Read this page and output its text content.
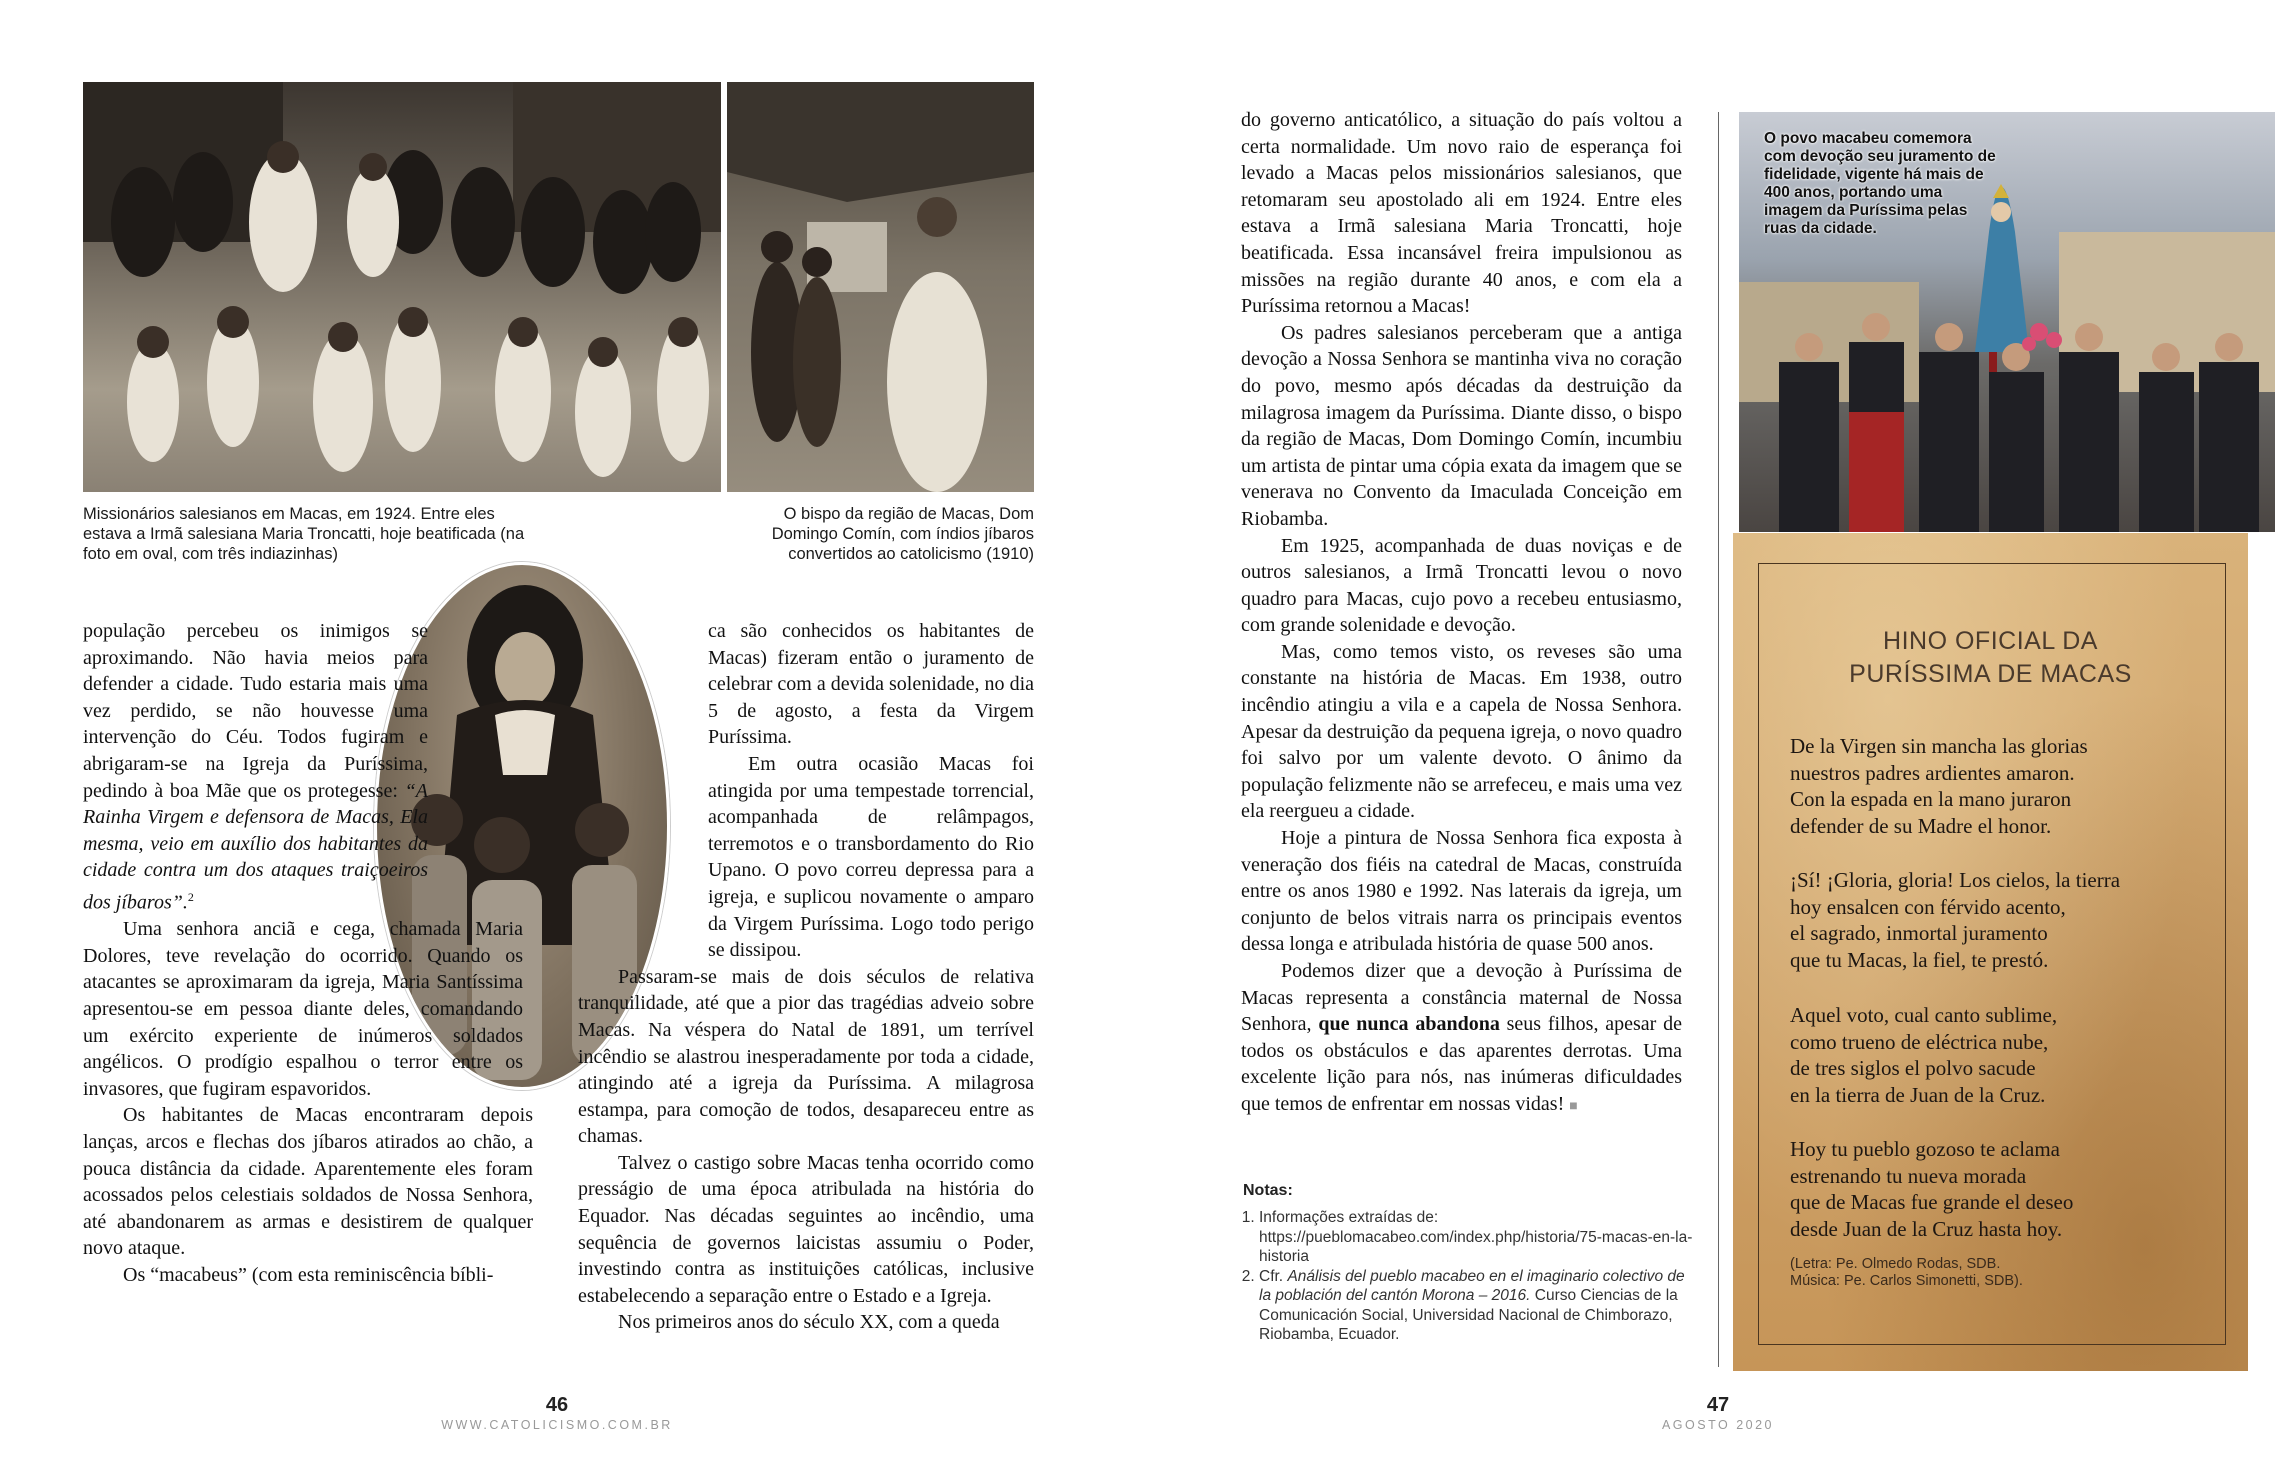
Missionários salesianos em Macas, em 1924. Entre eles estava a Irmã salesiana Maria Troncatti, hoje beatificada (na foto em oval, com três indiazinhas)
O bispo da região de Macas, Dom Domingo Comín, com índios jíbaros convertidos ao catolicismo (1910)

população percebeu os inimigos se aproximando. Não havia meios para defender a cidade. Tudo estaria mais uma vez perdido, se não houvesse uma intervenção do Céu. Todos fugiram e abrigaram-se na Igreja da Puríssima, pedindo à boa Mãe que os protegesse: “A Rainha Virgem e defensora de Macas, Ela mesma, veio em auxílio dos habitantes da cidade contra um dos ataques traiçoeiros dos jíbaros”.$^2$

Uma senhora anciã e cega, chamada Maria Dolores, teve revelação do ocorrido. Quando os atacantes se aproximaram da igreja, Maria Santíssima apresentou-se em pessoa diante deles, comandando um exército experiente de inúmeros soldados angélicos. O prodígio espalhou o terror entre os invasores, que fugiram espavoridos.

Os habitantes de Macas encontraram depois lanças, arcos e flechas dos jíbaros atirados ao chão, a pouca distância da cidade. Aparentemente eles foram acossados pelos celestiais soldados de Nossa Senhora, até abandonarem as armas e desistirem de qualquer novo ataque.

Os “macabeus” (com esta reminiscência bíbli-

ca são conhecidos os habitantes de Macas) fizeram então o juramento de celebrar com a devida solenidade, no dia 5 de agosto, a festa da Virgem Puríssima.

Em outra ocasião Macas foi atingida por uma tempestade torrencial, acompanhada de relâmpagos, terremotos e o transbordamento do Rio Upano. O povo correu depressa para a igreja, e suplicou novamente o amparo da Virgem Puríssima. Logo todo perigo se dissipou.

Passaram-se mais de dois séculos de relativa tranquilidade, até que a pior das tragédias adveio sobre Macas. Na véspera do Natal de 1891, um terrível incêndio se alastrou inesperadamente por toda a cidade, atingindo até a igreja da Puríssima. A milagrosa estampa, para comoção de todos, desapareceu entre as chamas.

Talvez o castigo sobre Macas tenha ocorrido como presságio de uma época atribulada na história do Equador. Nas décadas seguintes ao incêndio, uma sequência de governos laicistas assumiu o Poder, investindo contra as instituições católicas, inclusive estabelecendo a separação entre o Estado e a Igreja.

Nos primeiros anos do século XX, com a queda

46
WWW.CATOLICISMO.COM.BR

do governo anticatólico, a situação do país voltou a certa normalidade. Um novo raio de esperança foi levado a Macas pelos missionários salesianos, que retomaram seu apostolado ali em 1924. Entre eles estava a Irmã salesiana Maria Troncatti, hoje beatificada. Essa incansável freira impulsionou as missões na região durante 40 anos, e com ela a Puríssima retornou a Macas!

Os padres salesianos perceberam que a antiga devoção a Nossa Senhora se mantinha viva no coração do povo, mesmo após décadas da destruição da milagrosa imagem da Puríssima. Diante disso, o bispo da região de Macas, Dom Domingo Comín, incumbiu um artista de pintar uma cópia exata da imagem que se venerava no Convento da Imaculada Conceição em Riobamba.

Em 1925, acompanhada de duas noviças e de outros salesianos, a Irmã Troncatti levou o novo quadro para Macas, cujo povo a recebeu entusiasmo, com grande solenidade e devoção.

Mas, como temos visto, os reveses são uma constante na história de Macas. Em 1938, outro incêndio atingiu a vila e a capela de Nossa Senhora. Apesar da destruição da pequena igreja, o novo quadro foi salvo por um valente devoto. O ânimo da população felizmente não se arrefeceu, e mais uma vez ela reergueu a cidade.

Hoje a pintura de Nossa Senhora fica exposta à veneração dos fiéis na catedral de Macas, construída entre os anos 1980 e 1992. Nas laterais da igreja, um conjunto de belos vitrais narra os principais eventos dessa longa e atribulada história de quase 500 anos.

Podemos dizer que a devoção à Puríssima de Macas representa a constância maternal de Nossa Senhora, que nunca abandona seus filhos, apesar de todos os obstáculos e das aparentes derrotas. Uma excelente lição para nós, nas inúmeras dificuldades que temos de enfrentar em nossas vidas! ■

Notas:
1. Informações extraídas de: https://pueblomacabeo.com/index.php/historia/75-macas-en-la-historia
2. Cfr. Análisis del pueblo macabeo en el imaginario colectivo de la población del cantón Morona – 2016. Curso Ciencias de la Comunicación Social, Universidad Nacional de Chimborazo, Riobamba, Ecuador.
O povo macabeu comemora com devoção seu juramento de fidelidade, vigente há mais de 400 anos, portando uma imagem da Puríssima pelas ruas da cidade.
HINO OFICIAL DA
PURÍSSIMA DE MACAS
De la Virgen sin mancha las glorias
nuestros padres ardientes amaron.
Con la espada en la mano juraron
defender de su Madre el honor.
¡Sí! ¡Gloria, gloria! Los cielos, la tierra
hoy ensalcen con férvido acento,
el sagrado, inmortal juramento
que tu Macas, la fiel, te prestó.
Aquel voto, cual canto sublime,
como trueno de eléctrica nube,
de tres siglos el polvo sacude
en la tierra de Juan de la Cruz.
Hoy tu pueblo gozoso te aclama
estrenando tu nueva morada
que de Macas fue grande el deseo
desde Juan de la Cruz hasta hoy.
(Letra: Pe. Olmedo Rodas, SDB.
Música: Pe. Carlos Simonetti, SDB).
47
AGOSTO 2020
